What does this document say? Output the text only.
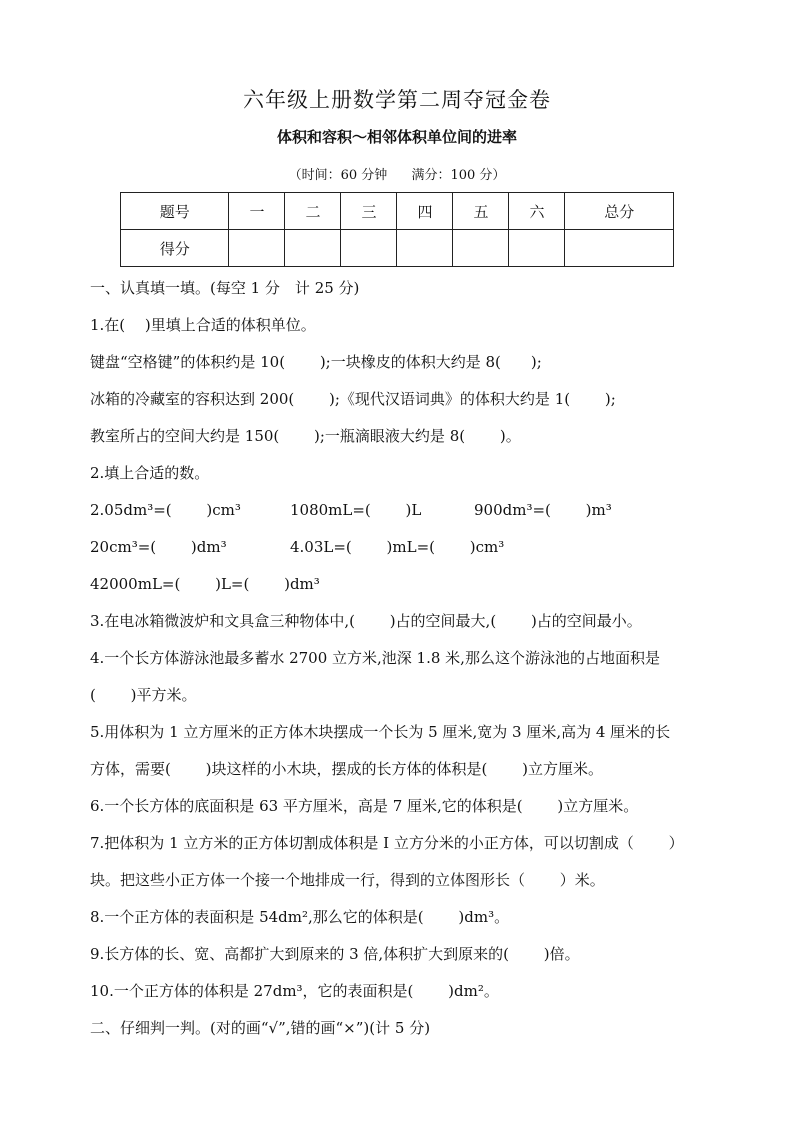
六年级上册数学第二周夺冠金卷
体积和容积～相邻体积单位间的进率
（时间：60 分钟 满分：100 分）
题号	一	二	三	四	五	六	总分
得分							
一、认真填一填。(每空 1 分　计 25 分)
1.在(　 )里填上合适的体积单位。
键盘“空格键”的体积约是 10(　　 );一块橡皮的体积大约是 8(　　);
冰箱的冷藏室的容积达到 200(　　 );《现代汉语词典》的体积大约是 1(　　 );
教室所占的空间大约是 150(　　 );一瓶滴眼液大约是 8(　　 )。
2.填上合适的数。
2.05dm³=(　　 )cm³	1080mL=(　　 )L	900dm³=(　　 )m³
20cm³=(　　 )dm³	4.03L=(　　 )mL=(　　 )cm³
42000mL=(　　 )L=(　　 )dm³
3.在电冰箱微波炉和文具盒三种物体中,(　　 )占的空间最大,(　　 )占的空间最小。
4.一个长方体游泳池最多蓄水 2700 立方米,池深 1.8 米,那么这个游泳池的占地面积是
(　　 )平方米。
5.用体积为 1 立方厘米的正方体木块摆成一个长为 5 厘米,宽为 3 厘米,高为 4 厘米的长
方体，需要(　　 )块这样的小木块，摆成的长方体的体积是(　　 )立方厘米。
6.一个长方体的底面积是 63 平方厘米，高是 7 厘米,它的体积是(　　 )立方厘米。
7.把体积为 1 立方米的正方体切割成体积是 I 立方分米的小正方体，可以切割成（　　 ）
块。把这些小正方体一个接一个地排成一行，得到的立体图形长（　　 ）米。
8.一个正方体的表面积是 54dm²,那么它的体积是(　　 )dm³。
9.长方体的长、宽、高都扩大到原来的 3 倍,体积扩大到原来的(　　 )倍。
10.一个正方体的体积是 27dm³，它的表面积是(　　 )dm²。
二、仔细判一判。(对的画“√”,错的画“×”)(计 5 分)
